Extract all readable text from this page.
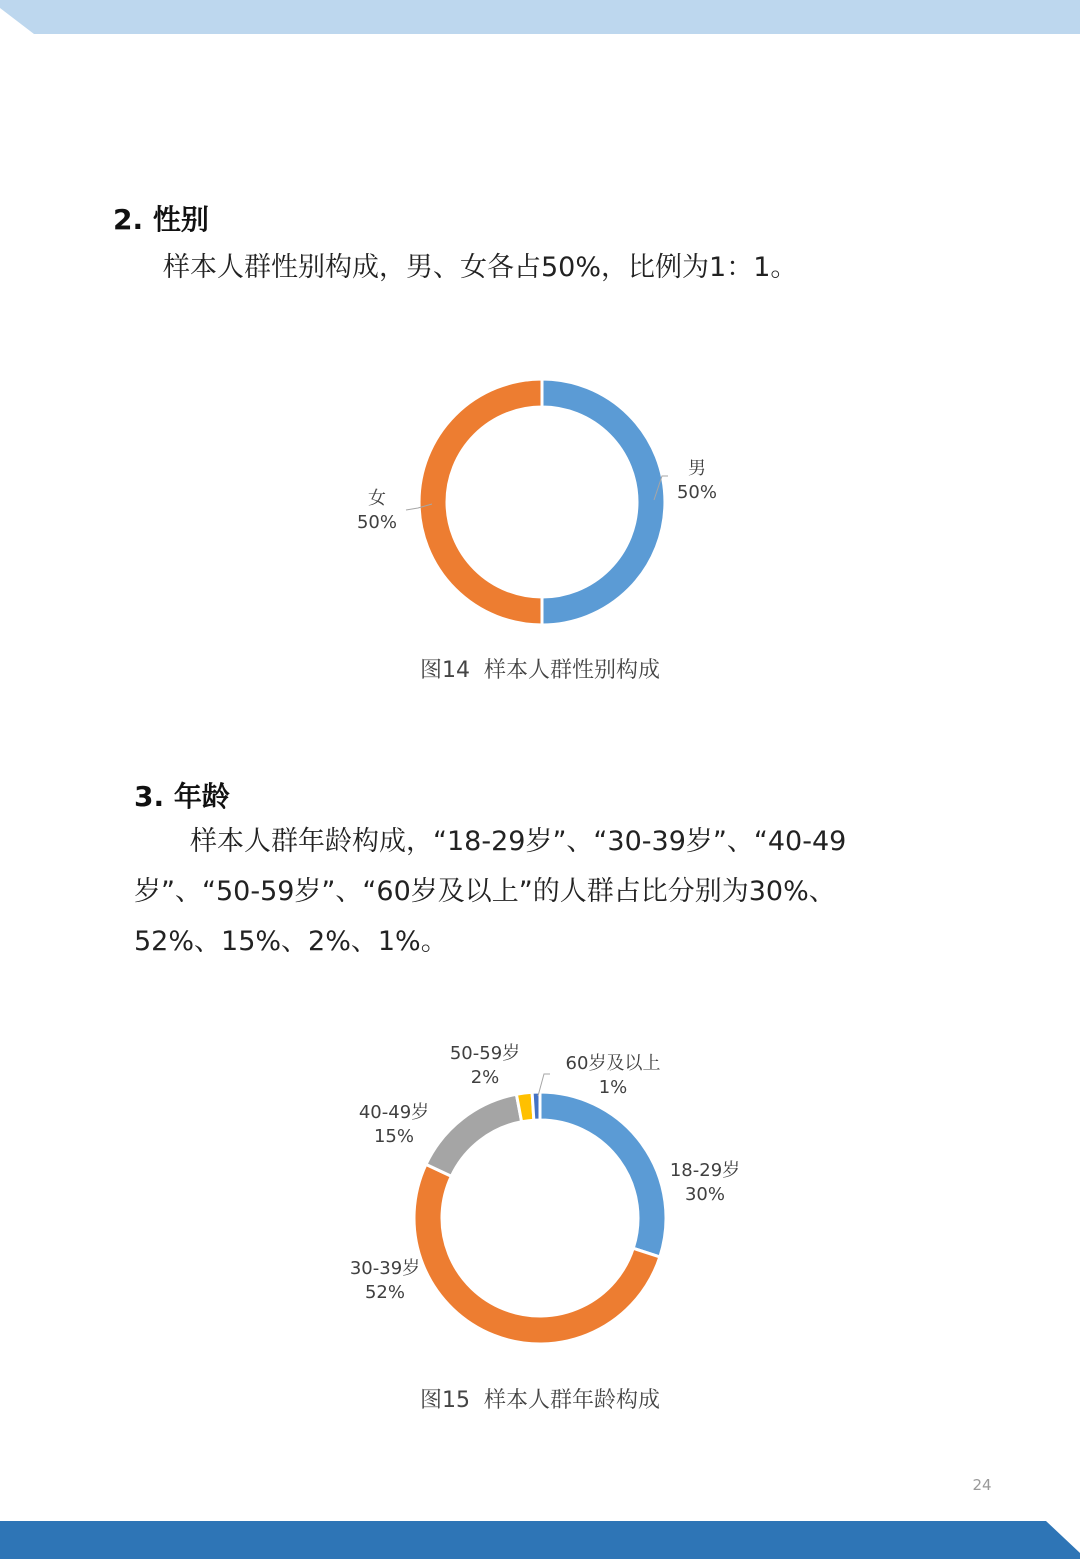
2. 性别

样本人群性别构成，男、女各占50%，比例为1：1。

男
50%
女
50%
图14  样本人群性别构成
3. 年龄

样本人群年龄构成，“18-29岁”、“30-39岁”、“40-49
岁”、“50-59岁”、“60岁及以上”的人群占比分别为30%、
52%、15%、2%、1%。

18-29岁
30%
30-39岁
52%
40-49岁
15%
50-59岁
2%
60岁及以上
1%
图15  样本人群年龄构成
24
